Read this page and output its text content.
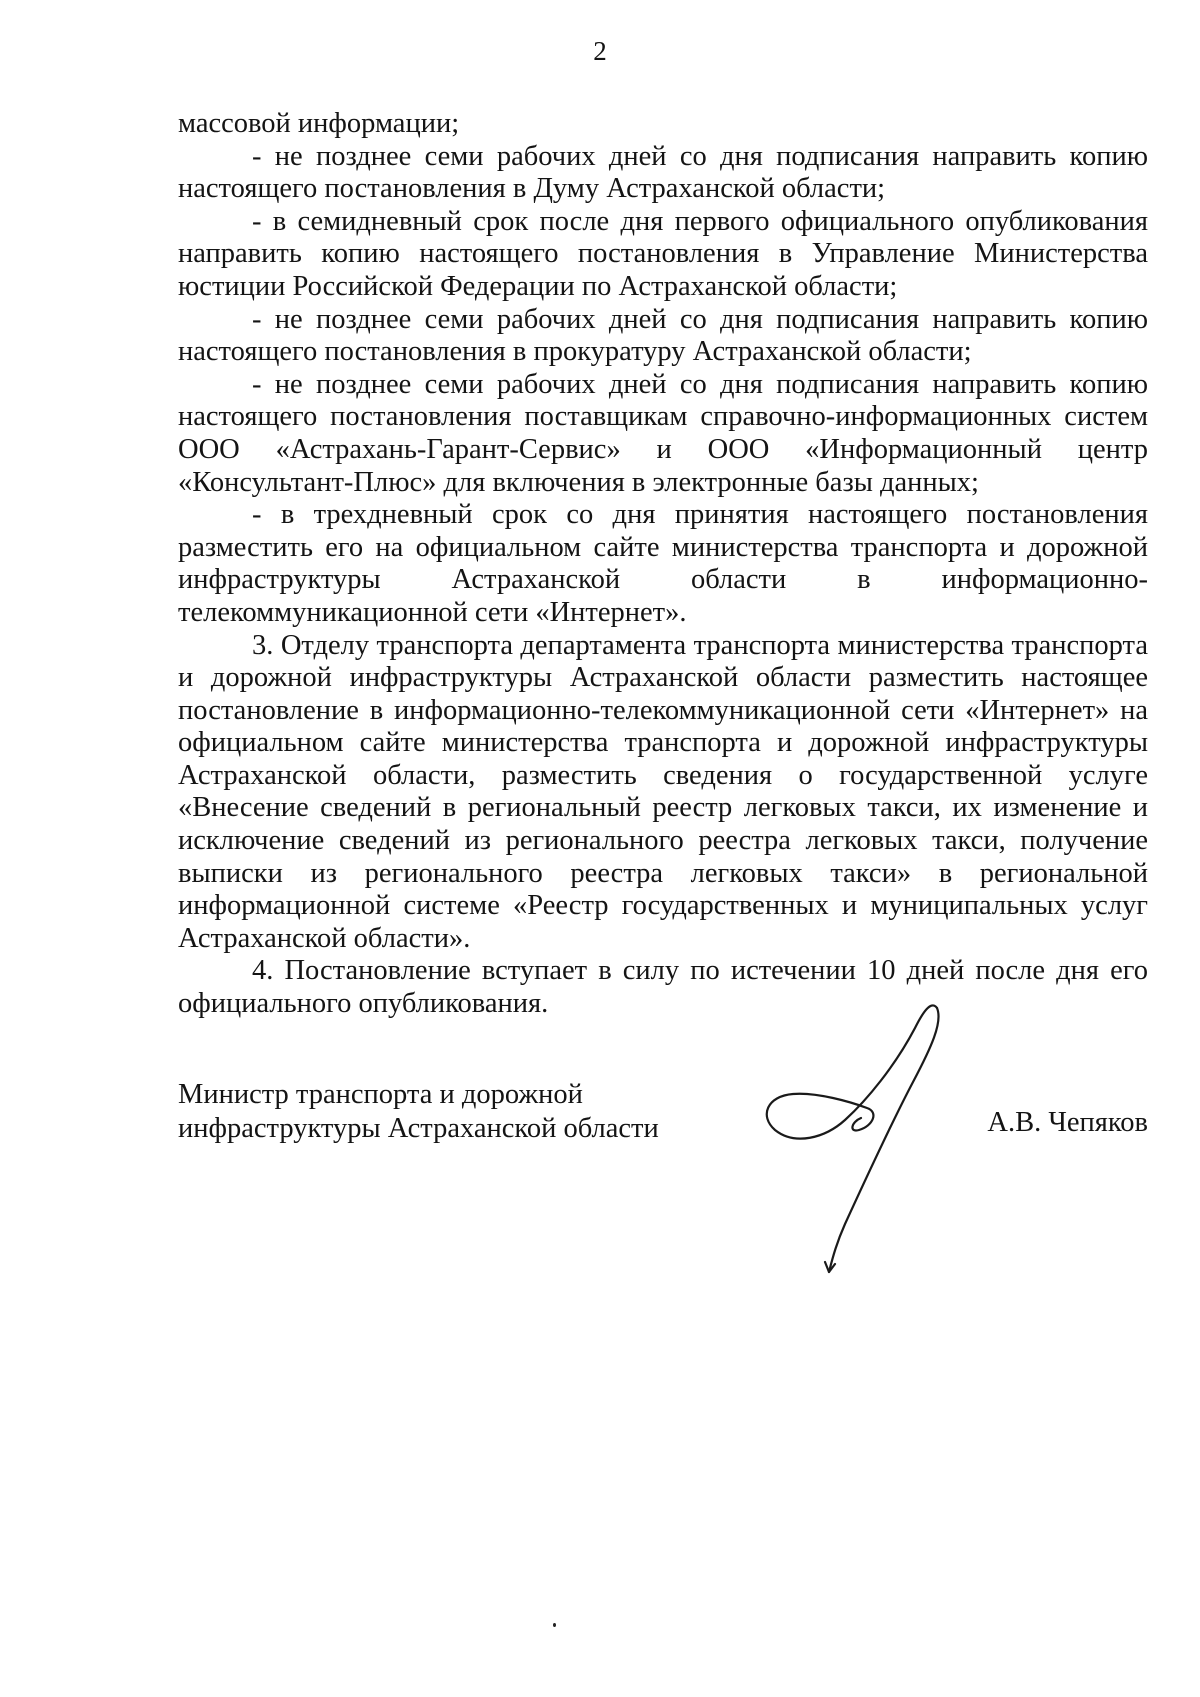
2

массовой информации;

- не позднее семи рабочих дней со дня подписания направить копию настоящего постановления в Думу Астраханской области;

- в семидневный срок после дня первого официального опубликования направить копию настоящего постановления в Управление Министерства юстиции Российской Федерации по Астраханской области;

- не позднее семи рабочих дней со дня подписания направить копию настоящего постановления в прокуратуру Астраханской области;

- не позднее семи рабочих дней со дня подписания направить копию настоящего постановления поставщикам справочно-информационных систем ООО «Астрахань-Гарант-Сервис» и ООО «Информационный центр «Консультант-Плюс» для включения в электронные базы данных;

- в трехдневный срок со дня принятия настоящего постановления разместить его на официальном сайте министерства транспорта и дорожной инфраструктуры Астраханской области в информационно-телекоммуникационной сети «Интернет».

3. Отделу транспорта департамента транспорта министерства транспорта и дорожной инфраструктуры Астраханской области разместить настоящее постановление в информационно-телекоммуникационной сети «Интернет» на официальном сайте министерства транспорта и дорожной инфраструктуры Астраханской области, разместить сведения о государственной услуге «Внесение сведений в региональный реестр легковых такси, их изменение и исключение сведений из регионального реестра легковых такси, получение выписки из регионального реестра легковых такси» в региональной информационной системе «Реестр государственных и муниципальных услуг Астраханской области».

4. Постановление вступает в силу по истечении 10 дней после дня его официального опубликования.

Министр транспорта и дорожной
инфраструктуры Астраханской области	А.В. Чепяков
